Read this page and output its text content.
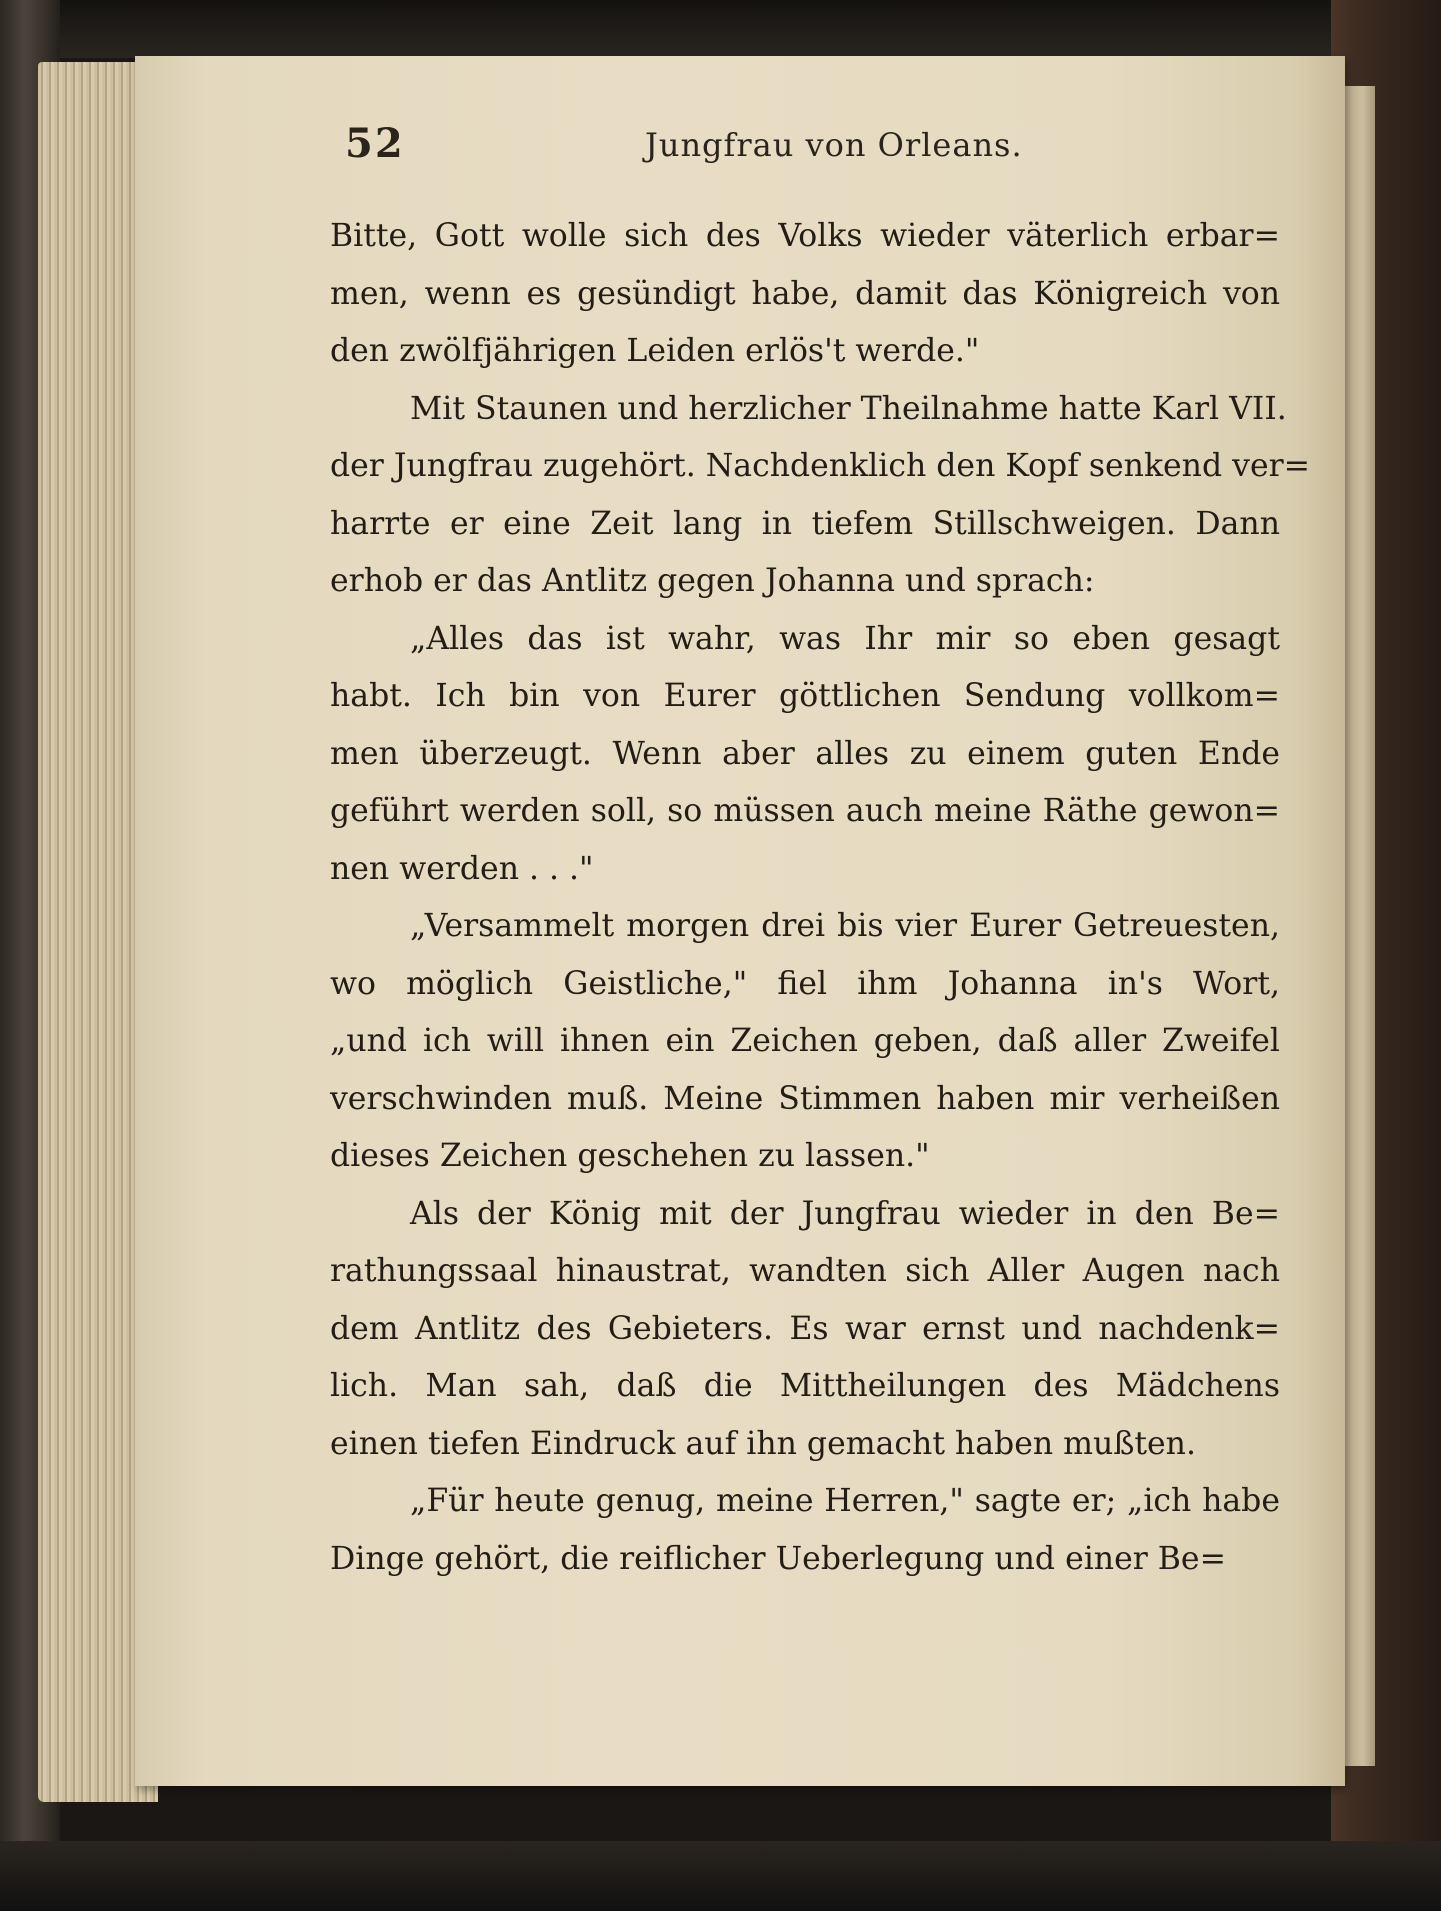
52	Jungfrau von Orleans.
Bitte, Gott wolle sich des Volks wieder väterlich erbar=
men, wenn es gesündigt habe, damit das Königreich von
den zwölfjährigen Leiden erlös't werde."
Mit Staunen und herzlicher Theilnahme hatte Karl VII.
der Jungfrau zugehört. Nachdenklich den Kopf senkend ver=
harrte er eine Zeit lang in tiefem Stillschweigen. Dann
erhob er das Antlitz gegen Johanna und sprach:
„Alles das ist wahr, was Ihr mir so eben gesagt
habt. Ich bin von Eurer göttlichen Sendung vollkom=
men überzeugt. Wenn aber alles zu einem guten Ende
geführt werden soll, so müssen auch meine Räthe gewon=
nen werden . . ."
„Versammelt morgen drei bis vier Eurer Getreuesten,
wo möglich Geistliche," fiel ihm Johanna in's Wort,
„und ich will ihnen ein Zeichen geben, daß aller Zweifel
verschwinden muß. Meine Stimmen haben mir verheißen
dieses Zeichen geschehen zu lassen."
Als der König mit der Jungfrau wieder in den Be=
rathungssaal hinaustrat, wandten sich Aller Augen nach
dem Antlitz des Gebieters. Es war ernst und nachdenk=
lich. Man sah, daß die Mittheilungen des Mädchens
einen tiefen Eindruck auf ihn gemacht haben mußten.
„Für heute genug, meine Herren," sagte er; „ich habe
Dinge gehört, die reiflicher Ueberlegung und einer Be=
